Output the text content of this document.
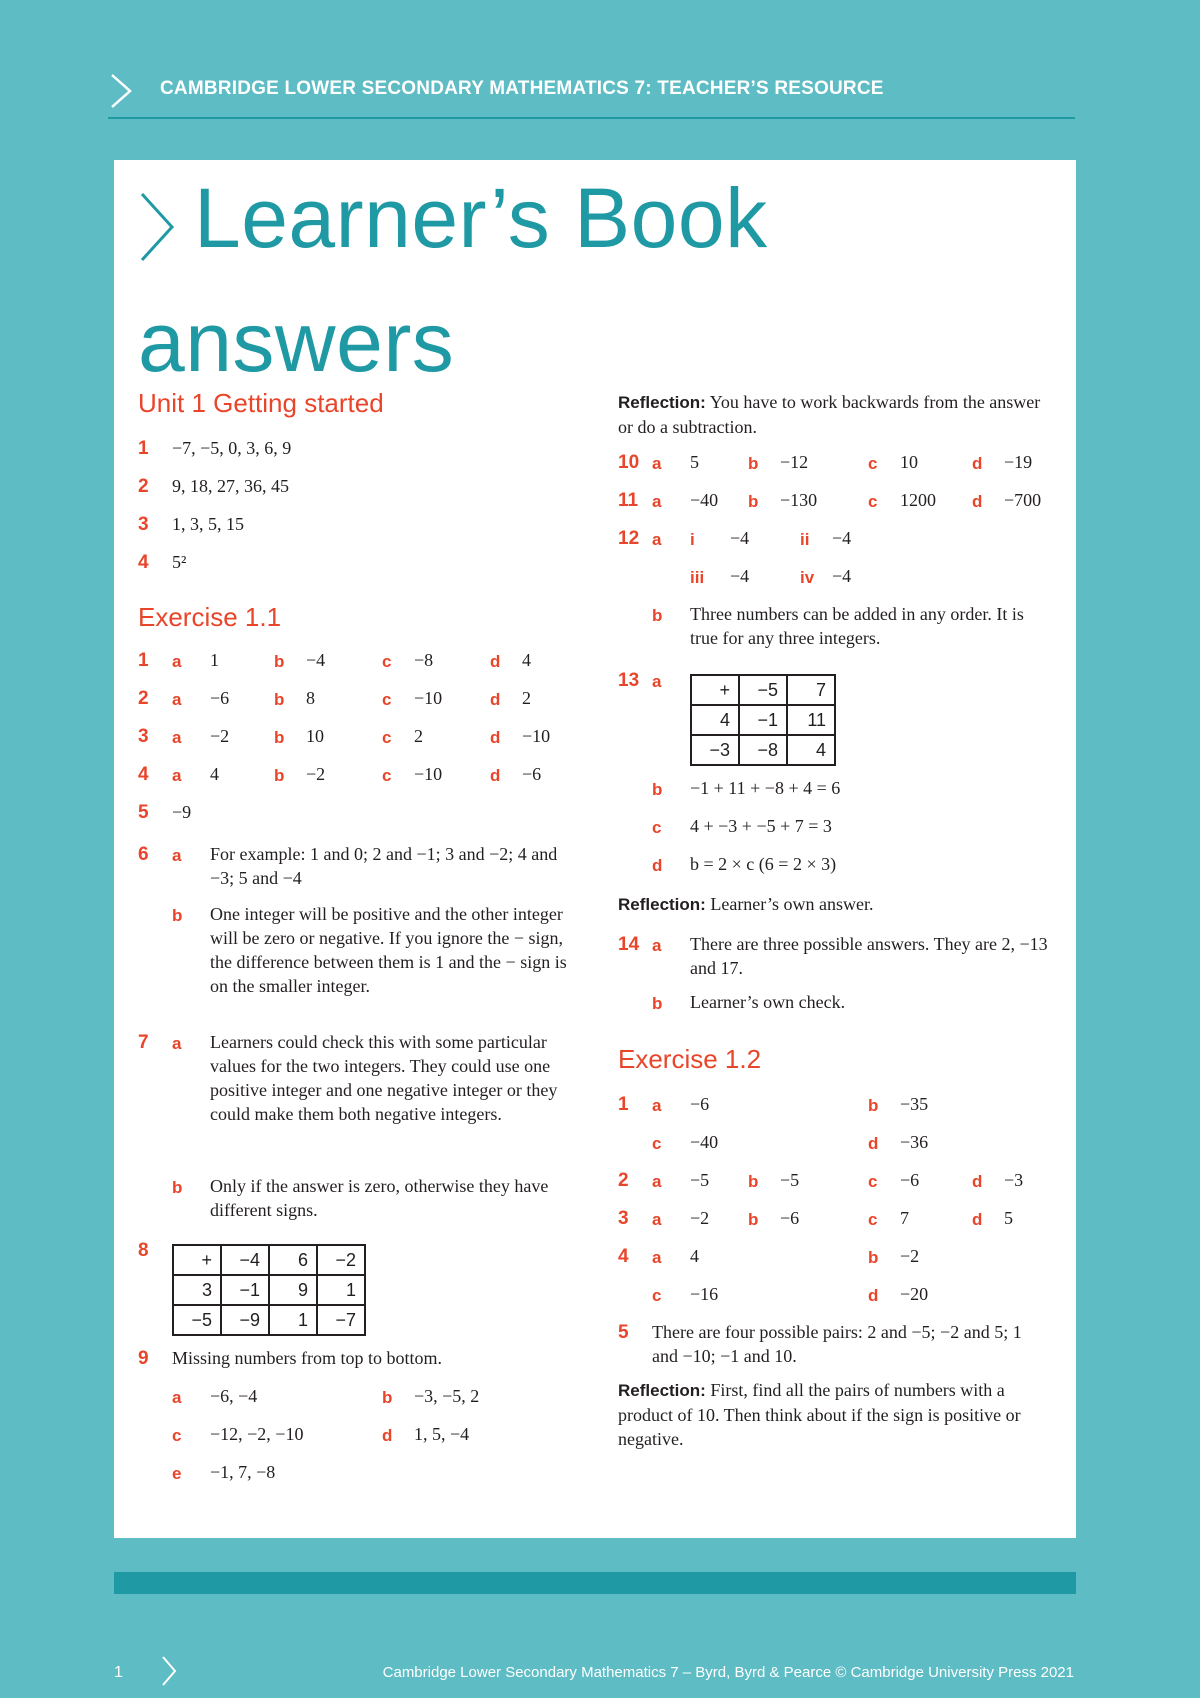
CAMBRIDGE LOWER SECONDARY MATHEMATICS 7: TEACHER’S RESOURCE
Learner’s Book
answers
Unit 1 Getting started
1 −7, −5, 0, 3, 6, 9
2 9, 18, 27, 36, 45
3 1, 3, 5, 15
4 5²
Exercise 1.1
1 a 1	b −4	c −8	d 4
2 a −6	b 8	c −10	d 2
3 a −2	b 10	c 2	d −10
4 a 4	b −2	c −10	d −6
5 −9
6 a For example: 1 and 0; 2 and −1; 3 and −2; 4 and −3; 5 and −4
b One integer will be positive and the other integer will be zero or negative. If you ignore the − sign, the difference between them is 1 and the − sign is on the smaller integer.
7 a Learners could check this with some particular values for the two integers. They could use one positive integer and one negative integer or they could make them both negative integers.
b Only if the answer is zero, otherwise they have different signs.
8	+	−4	6	−2
3	−1	9	1
−5	−9	1	−7
9 Missing numbers from top to bottom.
a −6, −4	b −3, −5, 2
c −12, −2, −10	d 1, 5, −4
e −1, 7, −8
Reflection: You have to work backwards from the answer or do a subtraction.
10 a 5	b −12	c 10	d −19
11 a −40 b −130	c 1200 d −700
12 a i −4	ii −4
iii −4	iv −4
b Three numbers can be added in any order. It is true for any three integers.
13 a	+	−5	7
4	−1	11
−3	−8	4
b −1 + 11 + −8 + 4 = 6
c 4 + −3 + −5 + 7 = 3
d b = 2 × c (6 = 2 × 3)
Reflection: Learner’s own answer.
14 a There are three possible answers. They are 2, −13 and 17.
b Learner’s own check.
Exercise 1.2
1 a −6	b −35
c −40	d −36
2 a −5 b −5	c −6	d −3
3 a −2 b −6	c 7	d 5
4 a 4	b −2
c −16	d −20
5 There are four possible pairs: 2 and −5; −2 and 5; 1 and −10; −1 and 10.
Reflection: First, find all the pairs of numbers with a product of 10. Then think about if the sign is positive or negative.
1	Cambridge Lower Secondary Mathematics 7 – Byrd, Byrd & Pearce © Cambridge University Press 2021
